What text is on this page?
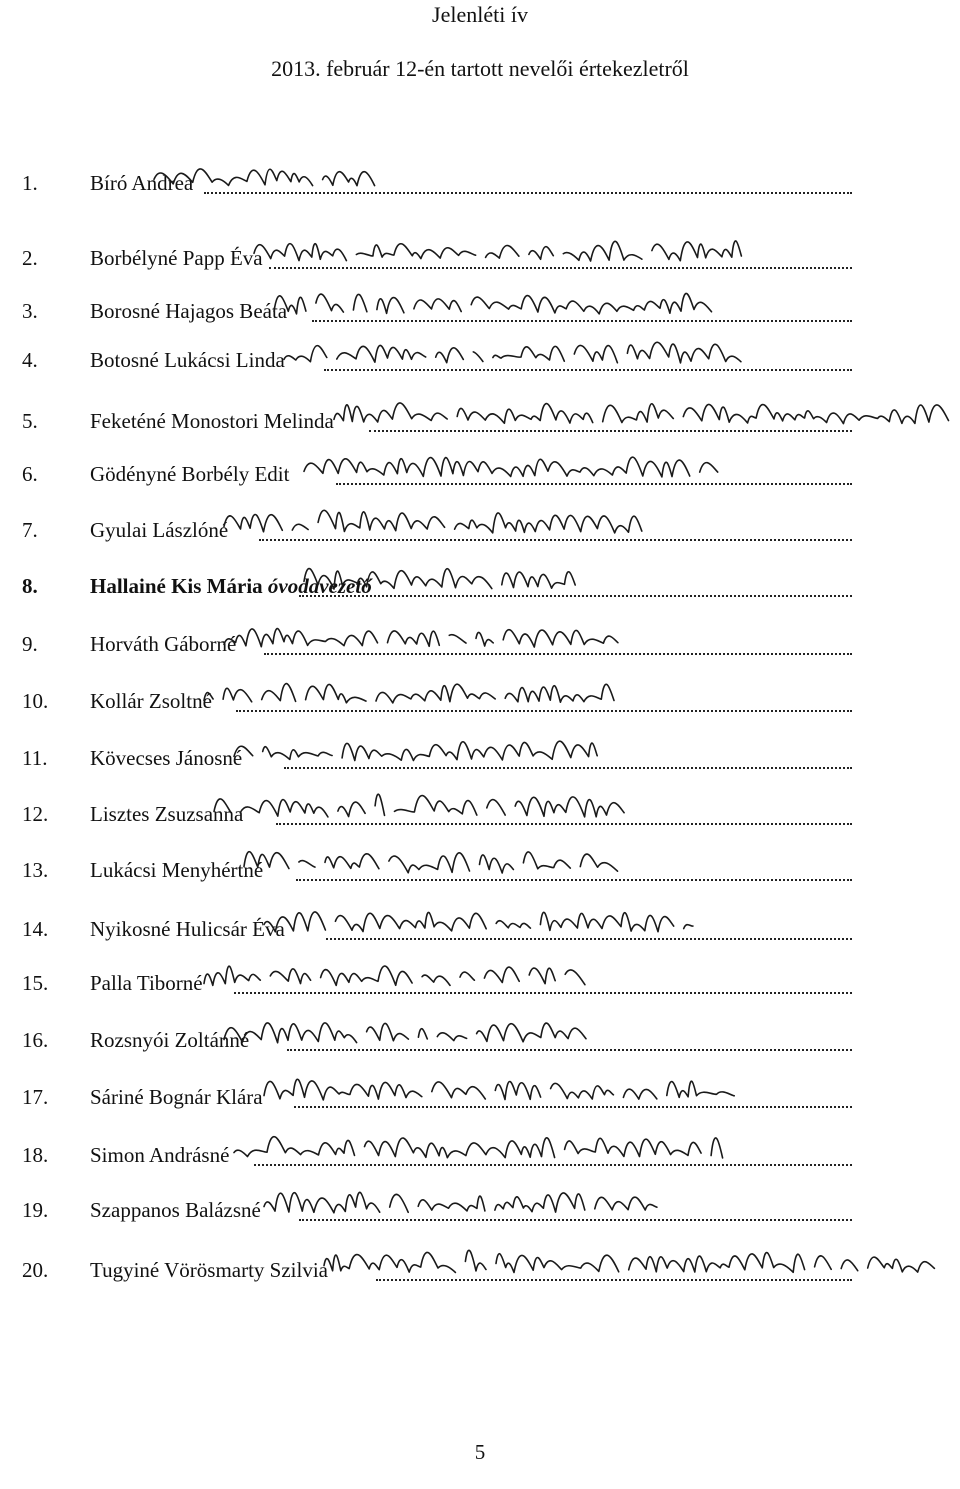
Jelenléti ív
2013. február 12-én tartott nevelői értekezletről
1.	Bíró Andrea
2.	Borbélyné Papp Éva
3.	Borosné Hajagos Beáta
4.	Botosné Lukácsi Linda
5.	Feketéné Monostori Melinda
6.	Gödényné Borbély Edit
7.	Gyulai Lászlóné
8.	Hallainé Kis Mária óvodavezető
9.	Horváth Gáborné
10.	Kollár Zsoltné
11.	Kövecses Jánosné
12.	Lisztes Zsuzsanna
13.	Lukácsi Menyhértné
14.	Nyikosné Hulicsár Éva
15.	Palla Tiborné
16.	Rozsnyói Zoltánné
17.	Sáriné Bognár Klára
18.	Simon Andrásné
19.	Szappanos Balázsné
20.	Tugyiné Vörösmarty Szilvia
5
